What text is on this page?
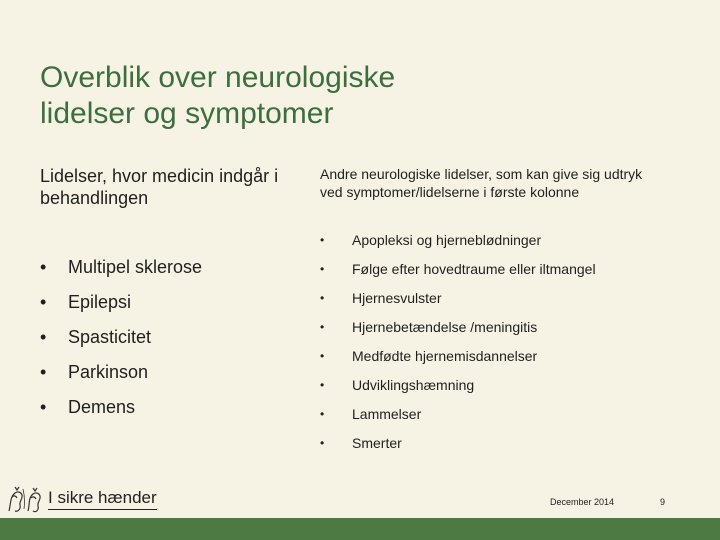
Overblik over neurologiske
lidelser og symptomer
Lidelser, hvor medicin indgår i behandlingen
• Multipel sklerose
• Epilepsi
• Spasticitet
• Parkinson
• Demens
Andre neurologiske lidelser, som kan give sig udtryk ved symptomer/lidelserne i første kolonne
• Apopleksi og hjerneblødninger
• Følge efter hovedtraume eller iltmangel
• Hjernesvulster
• Hjernebetændelse /meningitis
• Medfødte hjernemisdannelser
• Udviklingshæmning
• Lammelser
• Smerter
I sikre hænder	December 2014	9
